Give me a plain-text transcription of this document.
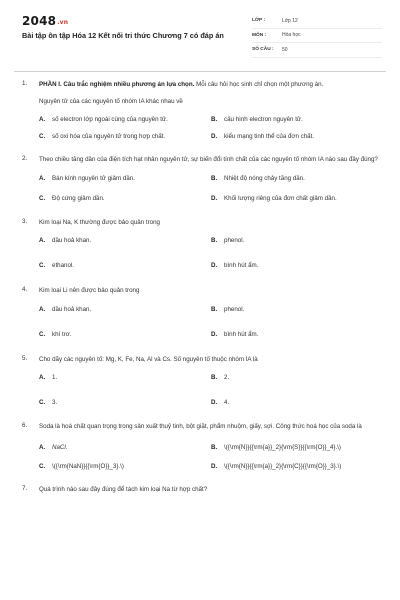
2048.vn
Bài tập ôn tập Hóa 12 Kết nối tri thức Chương 7 có đáp án
LỚP :	Lớp 12
MÔN :	Hóa học
SỐ CÂU :	50
1. PHẦN I. Câu trắc nghiệm nhiều phương án lựa chọn. Mỗi câu hỏi học sinh chỉ chọn một phương án.
Nguyên tử của các nguyên tố nhóm IA khác nhau về
A.	số electron lớp ngoài cùng của nguyên tử.	B.	cấu hình electron nguyên tử.
C.	số oxi hóa của nguyên tử trong hợp chất.	D.	kiểu mạng tinh thể của đơn chất.
2. Theo chiều tăng dần của điện tích hạt nhân nguyên tử, sự biến đổi tính chất của các nguyên tố nhóm IA nào sau đây đúng?
A.	Bán kính nguyên tử giảm dần.	B.	Nhiệt độ nóng chảy tăng dần.
C.	Độ cứng giảm dần.	D.	Khối lượng riêng của đơn chất giảm dần.
3. Kim loại Na, K thường được bảo quản trong
A.	dầu hoả khan.	B.	phenol.
C.	ethanol.	D.	bình hút ẩm.
4. Kim loại Li nên được bảo quản trong
A.	dầu hoả khan.	B.	phenol.
C.	khí trơ.	D.	bình hút ẩm.
5. Cho dãy các nguyên tố: Mg, K, Fe, Na, Al và Cs. Số nguyên tố thuộc nhóm IA là
A.	1.	B.	2.
C.	3.	D.	4.
6. Soda là hoá chất quan trọng trong sản xuất thuỷ tinh, bột giặt, phẩm nhuộm, giấy, sợi. Công thức hoá học của soda là
A.	NaCl.	B.	\({\rm{N}}{{\rm{a}}_2}{\rm{S}}{{\rm{O}}_4}.\)
C.	\({\rm{NaN}}{{\rm{O}}_3}.\)	D.	\({\rm{N}}{{\rm{a}}_2}{\rm{C}}{{\rm{O}}_3}.\)
7. Quá trình nào sau đây đúng để tách kim loại Na từ hợp chất?
